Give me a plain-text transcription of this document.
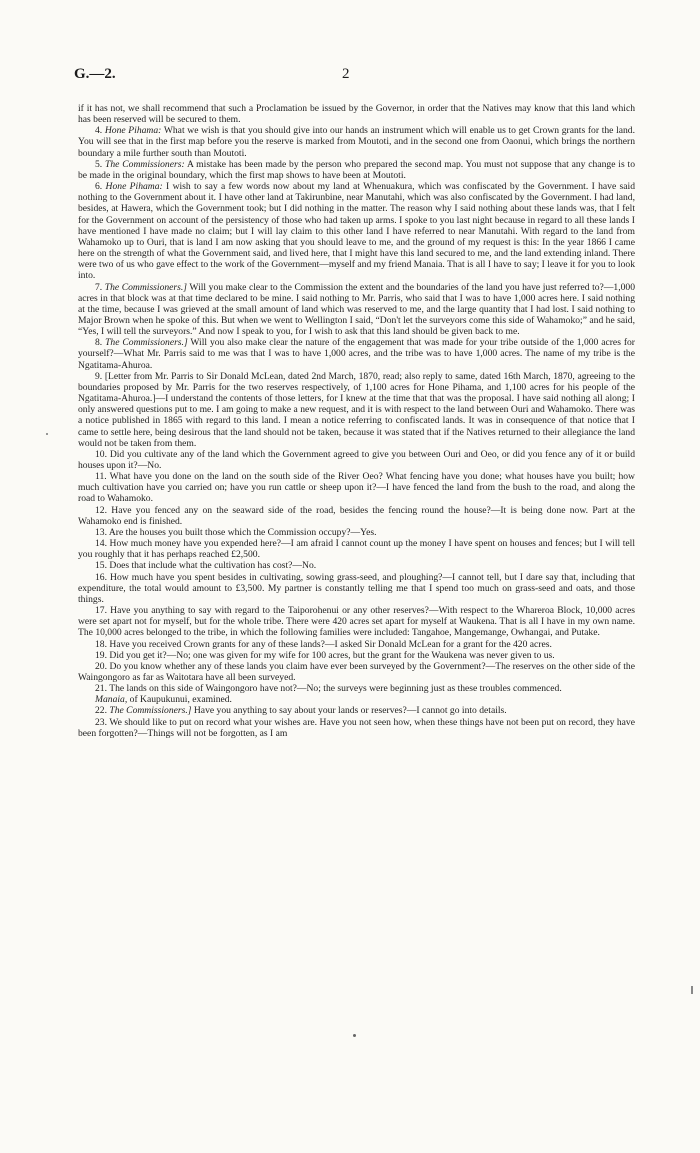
G.—2.	2

if it has not, we shall recommend that such a Proclamation be issued by the Governor, in order that the Natives may know that this land which has been reserved will be secured to them.

4. Hone Pihama: What we wish is that you should give into our hands an instrument which will enable us to get Crown grants for the land. You will see that in the first map before you the reserve is marked from Moutoti, and in the second one from Oaonui, which brings the northern boundary a mile further south than Moutoti.

5. The Commissioners: A mistake has been made by the person who prepared the second map. You must not suppose that any change is to be made in the original boundary, which the first map shows to have been at Moutoti.

6. Hone Pihama: I wish to say a few words now about my land at Whenuakura, which was confiscated by the Government. I have said nothing to the Government about it. I have other land at Takirunbine, near Manutahi, which was also confiscated by the Government. I had land, besides, at Hawera, which the Government took; but I did nothing in the matter. The reason why I said nothing about these lands was, that I felt for the Government on account of the persistency of those who had taken up arms. I spoke to you last night because in regard to all these lands I have mentioned I have made no claim; but I will lay claim to this other land I have referred to near Manutahi. With regard to the land from Wahamoko up to Ouri, that is land I am now asking that you should leave to me, and the ground of my request is this: In the year 1866 I came here on the strength of what the Government said, and lived here, that I might have this land secured to me, and the land extending inland. There were two of us who gave effect to the work of the Government—myself and my friend Manaia. That is all I have to say; I leave it for you to look into.

7. The Commissioners.] Will you make clear to the Commission the extent and the boundaries of the land you have just referred to?—1,000 acres in that block was at that time declared to be mine. I said nothing to Mr. Parris, who said that I was to have 1,000 acres here. I said nothing at the time, because I was grieved at the small amount of land which was reserved to me, and the large quantity that I had lost. I said nothing to Major Brown when he spoke of this. But when we went to Wellington I said, “Don't let the surveyors come this side of Wahamoko;” and he said, “Yes, I will tell the surveyors.” And now I speak to you, for I wish to ask that this land should be given back to me.

8. The Commissioners.] Will you also make clear the nature of the engagement that was made for your tribe outside of the 1,000 acres for yourself?—What Mr. Parris said to me was that I was to have 1,000 acres, and the tribe was to have 1,000 acres. The name of my tribe is the Ngatitama-Ahuroa.

9. [Letter from Mr. Parris to Sir Donald McLean, dated 2nd March, 1870, read; also reply to same, dated 16th March, 1870, agreeing to the boundaries proposed by Mr. Parris for the two reserves respectively, of 1,100 acres for Hone Pihama, and 1,100 acres for his people of the Ngatitama-Ahuroa.]—I understand the contents of those letters, for I knew at the time that that was the proposal. I have said nothing all along; I only answered questions put to me. I am going to make a new request, and it is with respect to the land between Ouri and Wahamoko. There was a notice published in 1865 with regard to this land. I mean a notice referring to confiscated lands. It was in consequence of that notice that I came to settle here, being desirous that the land should not be taken, because it was stated that if the Natives returned to their allegiance the land would not be taken from them.

10. Did you cultivate any of the land which the Government agreed to give you between Ouri and Oeo, or did you fence any of it or build houses upon it?—No.

11. What have you done on the land on the south side of the River Oeo? What fencing have you done; what houses have you built; how much cultivation have you carried on; have you run cattle or sheep upon it?—I have fenced the land from the bush to the road, and along the road to Wahamoko.

12. Have you fenced any on the seaward side of the road, besides the fencing round the house?—It is being done now. Part at the Wahamoko end is finished.

13. Are the houses you built those which the Commission occupy?—Yes.

14. How much money have you expended here?—I am afraid I cannot count up the money I have spent on houses and fences; but I will tell you roughly that it has perhaps reached £2,500.

15. Does that include what the cultivation has cost?—No.

16. How much have you spent besides in cultivating, sowing grass-seed, and ploughing?—I cannot tell, but I dare say that, including that expenditure, the total would amount to £3,500. My partner is constantly telling me that I spend too much on grass-seed and oats, and those things.

17. Have you anything to say with regard to the Taiporohenui or any other reserves?—With respect to the Whareroa Block, 10,000 acres were set apart not for myself, but for the whole tribe. There were 420 acres set apart for myself at Waukena. That is all I have in my own name. The 10,000 acres belonged to the tribe, in which the following families were included: Tangahoe, Mangemange, Owhangai, and Putake.

18. Have you received Crown grants for any of these lands?—I asked Sir Donald McLean for a grant for the 420 acres.

19. Did you get it?—No; one was given for my wife for 100 acres, but the grant for the Waukena was never given to us.

20. Do you know whether any of these lands you claim have ever been surveyed by the Government?—The reserves on the other side of the Waingongoro as far as Waitotara have all been surveyed.

21. The lands on this side of Waingongoro have not?—No; the surveys were beginning just as these troubles commenced.

Manaia, of Kaupukunui, examined.

22. The Commissioners.] Have you anything to say about your lands or reserves?—I cannot go into details.

23. We should like to put on record what your wishes are. Have you not seen how, when these things have not been put on record, they have been forgotten?—Things will not be forgotten, as I am
